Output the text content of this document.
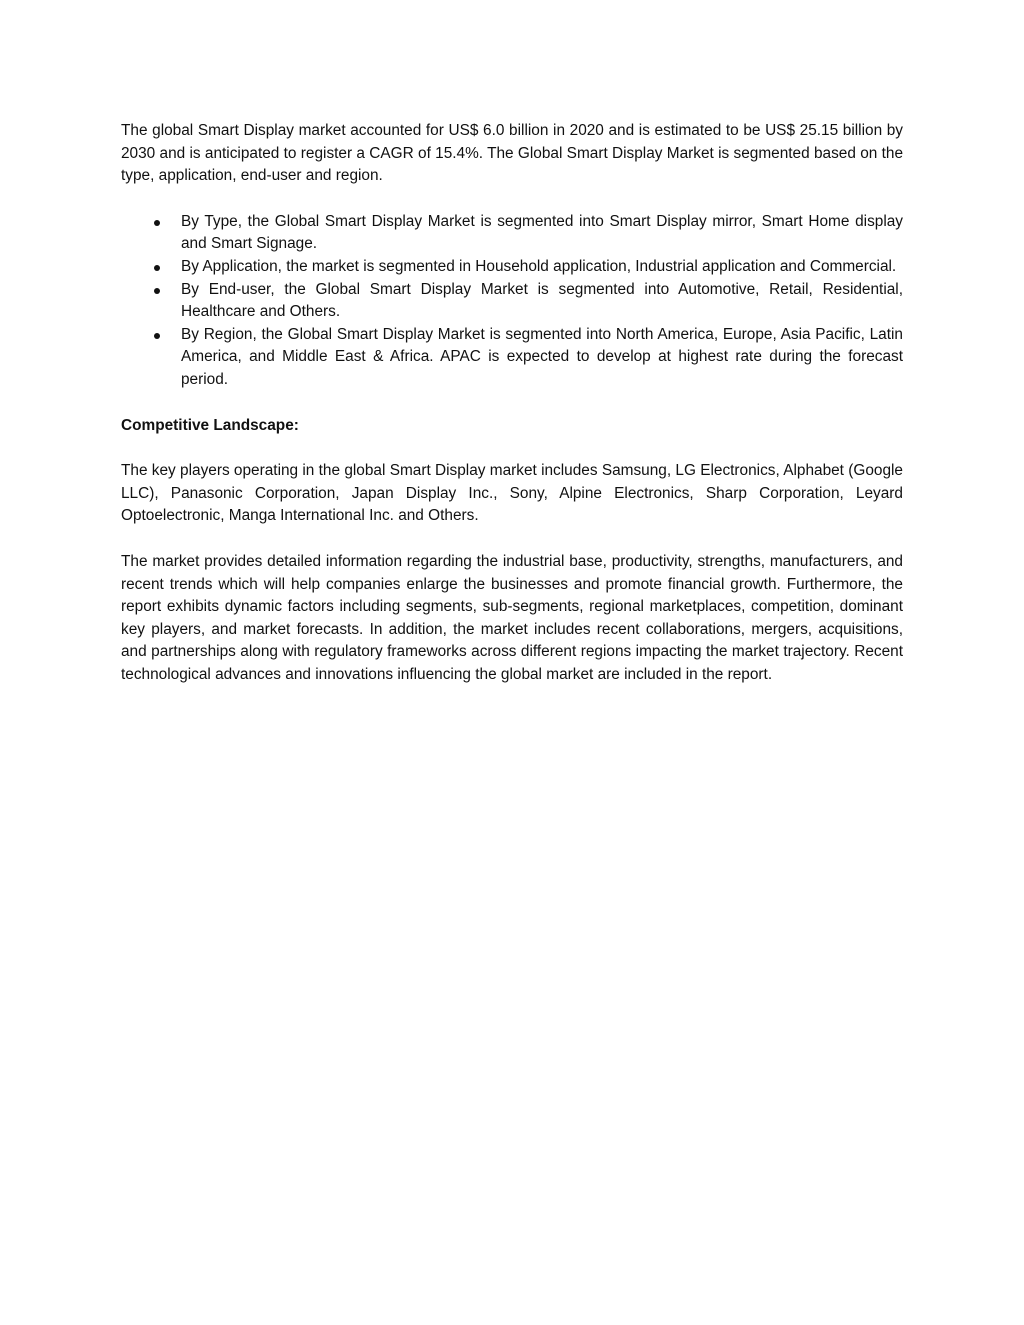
The global Smart Display market accounted for US$ 6.0 billion in 2020 and is estimated to be US$ 25.15 billion by 2030 and is anticipated to register a CAGR of 15.4%. The Global Smart Display Market is segmented based on the type, application, end-user and region.

By Type, the Global Smart Display Market is segmented into Smart Display mirror, Smart Home display and Smart Signage.
By Application, the market is segmented in Household application, Industrial application and Commercial.
By End-user, the Global Smart Display Market is segmented into Automotive, Retail, Residential, Healthcare and Others.
By Region, the Global Smart Display Market is segmented into North America, Europe, Asia Pacific, Latin America, and Middle East & Africa. APAC is expected to develop at highest rate during the forecast period.

Competitive Landscape:

The key players operating in the global Smart Display market includes Samsung, LG Electronics, Alphabet (Google LLC), Panasonic Corporation, Japan Display Inc., Sony, Alpine Electronics, Sharp Corporation, Leyard Optoelectronic, Manga International Inc. and Others.

The market provides detailed information regarding the industrial base, productivity, strengths, manufacturers, and recent trends which will help companies enlarge the businesses and promote financial growth. Furthermore, the report exhibits dynamic factors including segments, sub-segments, regional marketplaces, competition, dominant key players, and market forecasts. In addition, the market includes recent collaborations, mergers, acquisitions, and partnerships along with regulatory frameworks across different regions impacting the market trajectory. Recent technological advances and innovations influencing the global market are included in the report.
